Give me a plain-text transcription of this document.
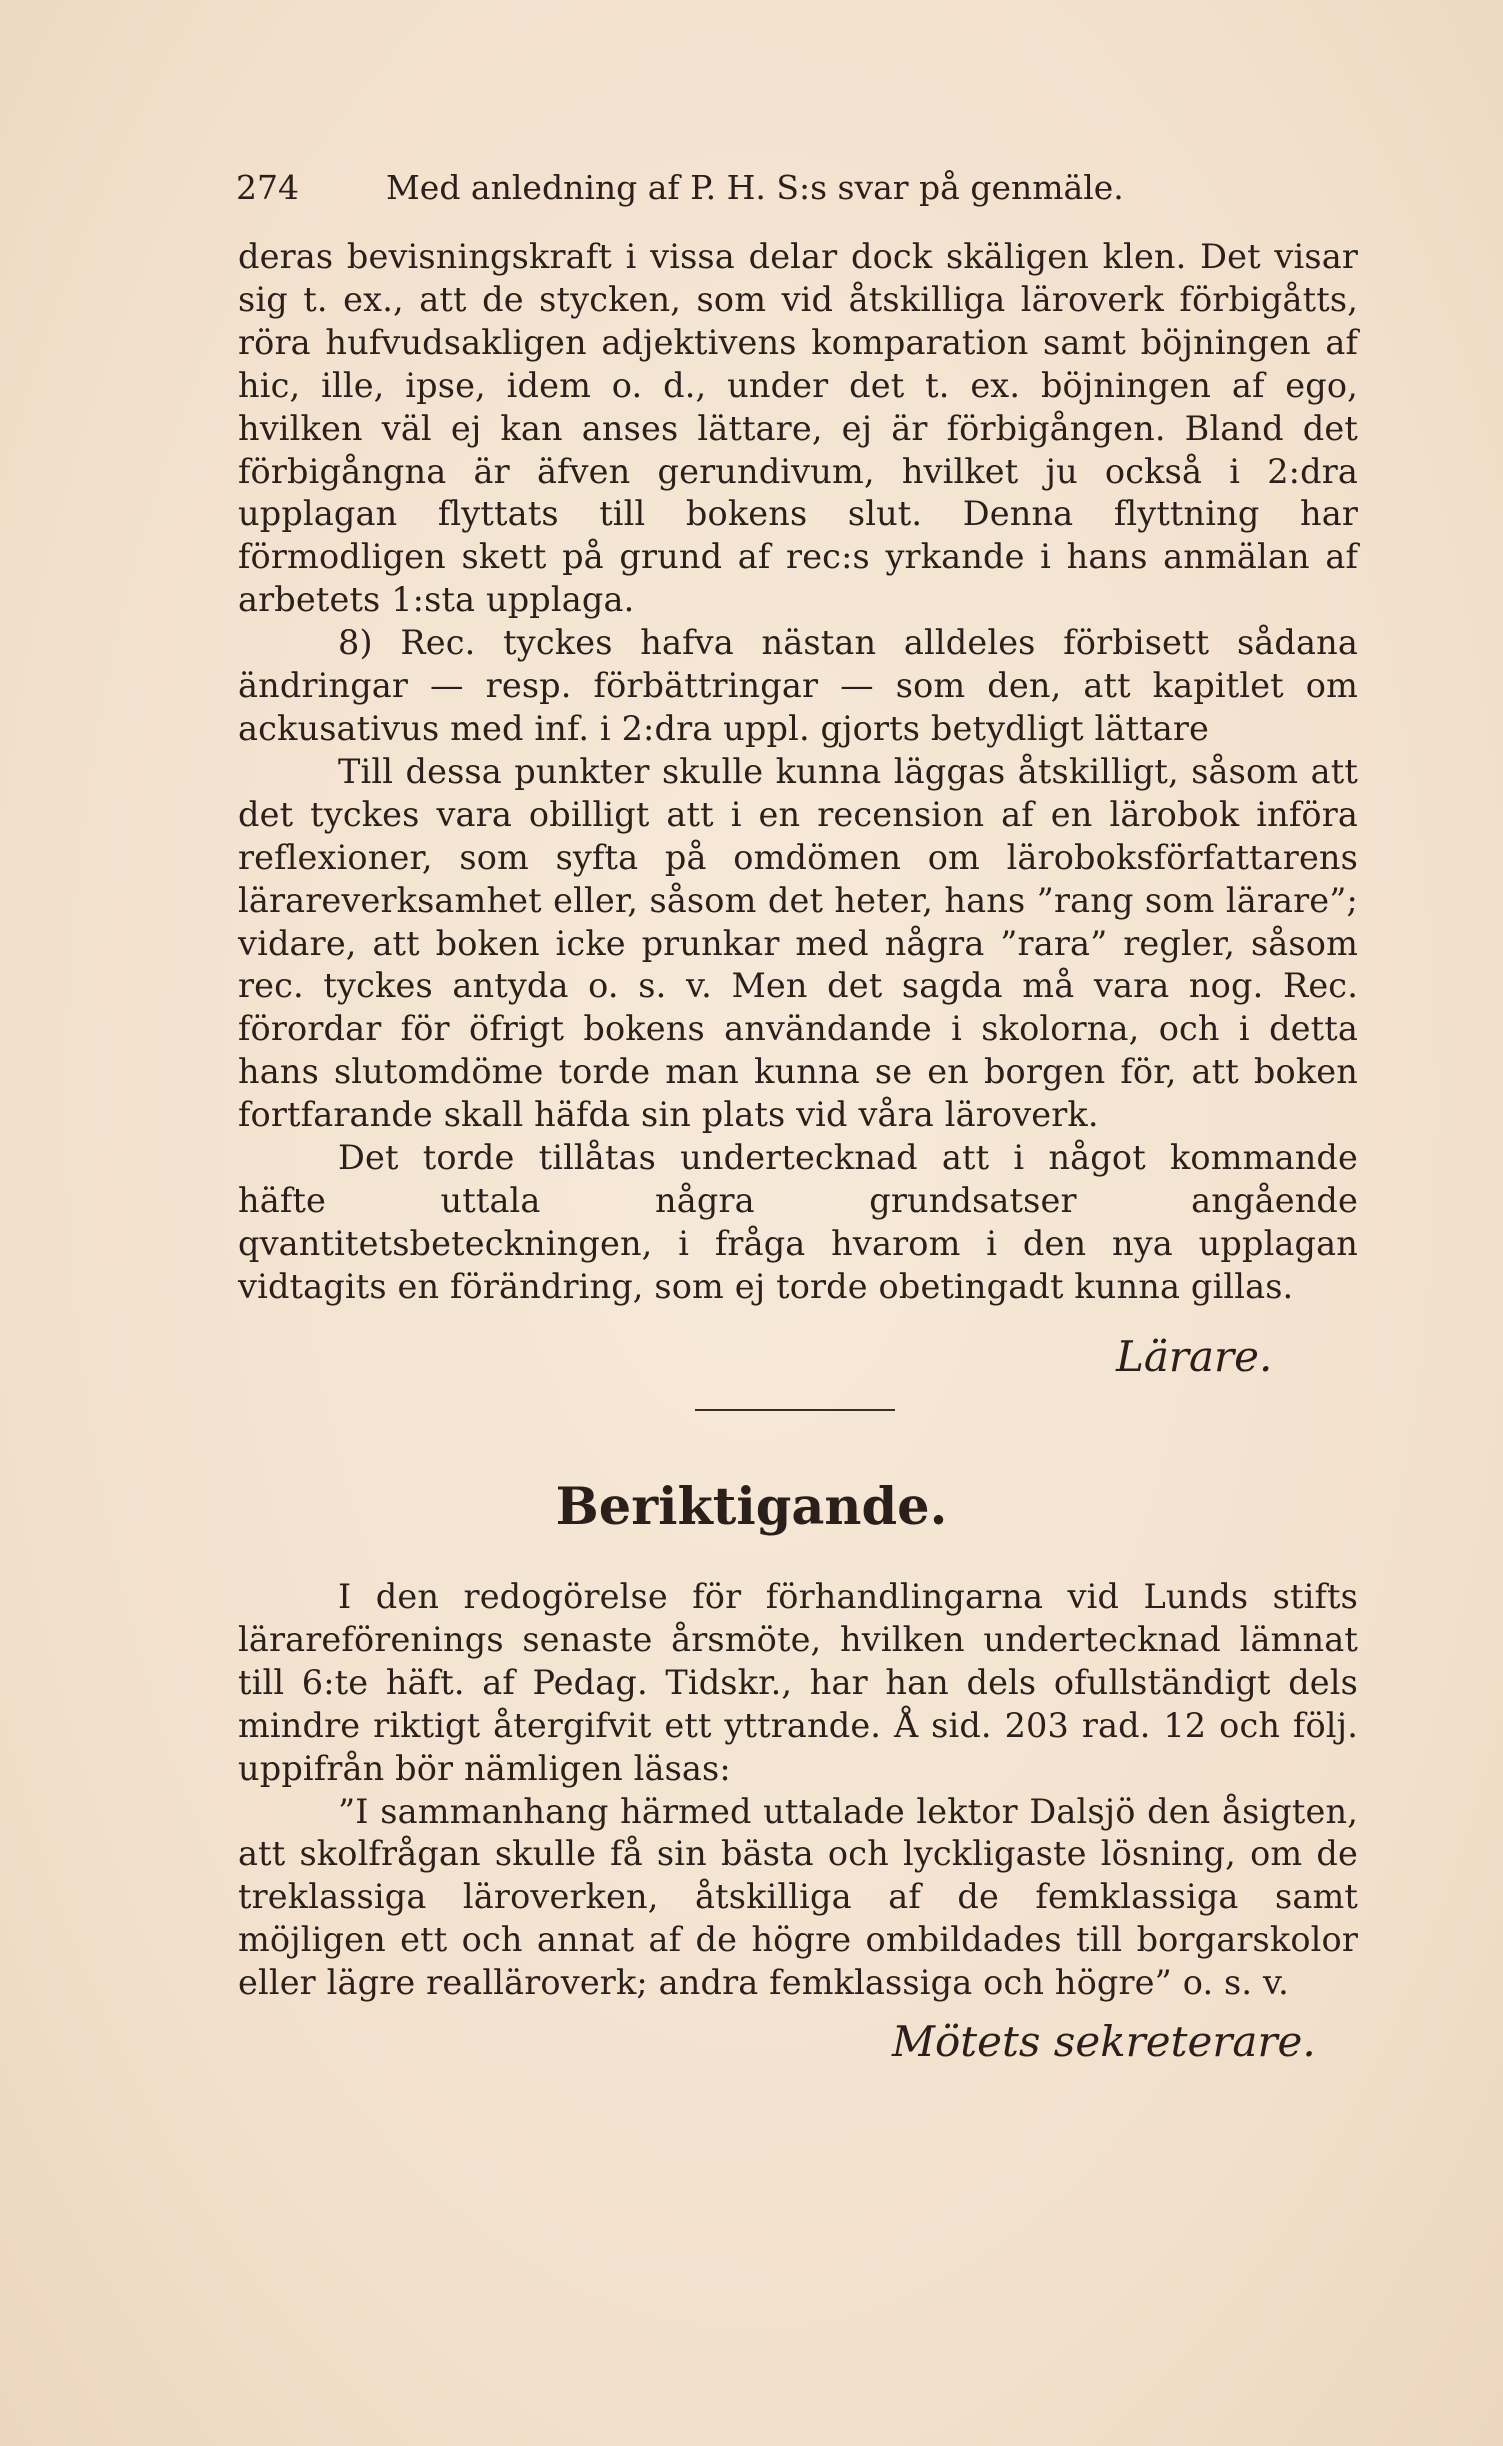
274	Med anledning af P. H. S:s svar på genmäle.

deras bevisningskraft i vissa delar dock skäligen klen. Det visar sig t. ex., att de stycken, som vid åtskilliga läroverk förbigåtts, röra hufvudsakligen adjektivens komparation samt böjningen af hic, ille, ipse, idem o. d., under det t. ex. böjningen af ego, hvilken väl ej kan anses lättare, ej är förbigången. Bland det förbigångna är äfven gerundivum, hvilket ju också i 2:dra upplagan flyttats till bokens slut. Denna flyttning har förmodligen skett på grund af rec:s yrkande i hans anmälan af arbetets 1:sta upplaga.

8) Rec. tyckes hafva nästan alldeles förbisett sådana ändringar — resp. förbättringar — som den, att kapitlet om ackusativus med inf. i 2:dra uppl. gjorts betydligt lättare

Till dessa punkter skulle kunna läggas åtskilligt, såsom att det tyckes vara obilligt att i en recension af en lärobok införa reflexioner, som syfta på omdömen om läroboksförfattarens lärareverksamhet eller, såsom det heter, hans ”rang som lärare”; vidare, att boken icke prunkar med några ”rara” regler, såsom rec. tyckes antyda o. s. v. Men det sagda må vara nog. Rec. förordar för öfrigt bokens användande i skolorna, och i detta hans slutomdöme torde man kunna se en borgen för, att boken fortfarande skall häfda sin plats vid våra läroverk.

Det torde tillåtas undertecknad att i något kommande häfte uttala några grundsatser angående qvantitetsbeteckningen, i fråga hvarom i den nya upplagan vidtagits en förändring, som ej torde obetingadt kunna gillas.

Lärare.
Beriktigande.

I den redogörelse för förhandlingarna vid Lunds stifts lärareförenings senaste årsmöte, hvilken undertecknad lämnat till 6:te häft. af Pedag. Tidskr., har han dels ofullständigt dels mindre riktigt återgifvit ett yttrande. Å sid. 203 rad. 12 och följ. uppifrån bör nämligen läsas:

”I sammanhang härmed uttalade lektor Dalsjö den åsigten, att skolfrågan skulle få sin bästa och lyckligaste lösning, om de treklassiga läroverken, åtskilliga af de femklassiga samt möjligen ett och annat af de högre ombildades till borgarskolor eller lägre realläroverk; andra femklassiga och högre” o. s. v.

Mötets sekreterare.
